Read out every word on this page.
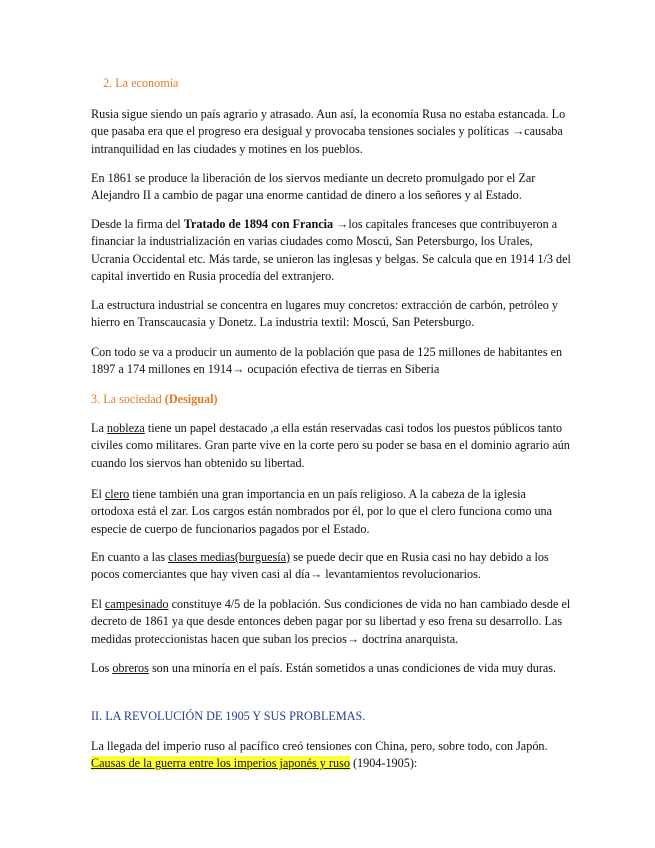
2. La economía

Rusia sigue siendo un país agrario y atrasado. Aun así, la economía Rusa no estaba estancada. Lo que pasaba era que el progreso era desigual y provocaba tensiones sociales y políticas →causaba intranquilidad en las ciudades y motines en los pueblos.

En 1861 se produce la liberación de los siervos mediante un decreto promulgado por el Zar Alejandro II a cambio de pagar una enorme cantidad de dinero a los señores y al Estado.

Desde la firma del Tratado de 1894 con Francia →los capitales franceses que contribuyeron a financiar la industrialización en varias ciudades como Moscú, San Petersburgo, los Urales, Ucrania Occidental etc. Más tarde, se unieron las inglesas y belgas. Se calcula que en 1914 1/3 del capital invertido en Rusia procedía del extranjero.

La estructura industrial se concentra en lugares muy concretos: extracción de carbón, petróleo y hierro en Transcaucasia y Donetz. La industria textil: Moscú, San Petersburgo.

Con todo se va a producir un aumento de la población que pasa de 125 millones de habitantes en 1897 a 174 millones en 1914→ ocupación efectiva de tierras en Siberia

3. La sociedad (Desigual)

La nobleza tiene un papel destacado ,a ella están reservadas casi todos los puestos públicos tanto civiles como militares. Gran parte vive en la corte pero su poder se basa en el dominio agrario aún cuando los siervos han obtenido su libertad.

El clero tiene también una gran importancia en un país religioso. A la cabeza de la iglesia ortodoxa está el zar. Los cargos están nombrados por él, por lo que el clero funciona como una especie de cuerpo de funcionarios pagados por el Estado.

En cuanto a las clases medias(burguesía) se puede decir que en Rusia casi no hay debido a los pocos comerciantes que hay viven casi al día→ levantamientos revolucionarios.

El campesinado constituye 4/5 de la población. Sus condiciones de vida no han cambiado desde el decreto de 1861 ya que desde entonces deben pagar por su libertad y eso frena su desarrollo. Las medidas proteccionistas hacen que suban los precios→ doctrina anarquista.

Los obreros son una minoría en el país. Están sometidos a unas condiciones de vida muy duras.

II. LA REVOLUCIÓN DE 1905 Y SUS PROBLEMAS.

La llegada del imperio ruso al pacífico creó tensiones con China, pero, sobre todo, con Japón. Causas de la guerra entre los imperios japonés y ruso (1904-1905):
